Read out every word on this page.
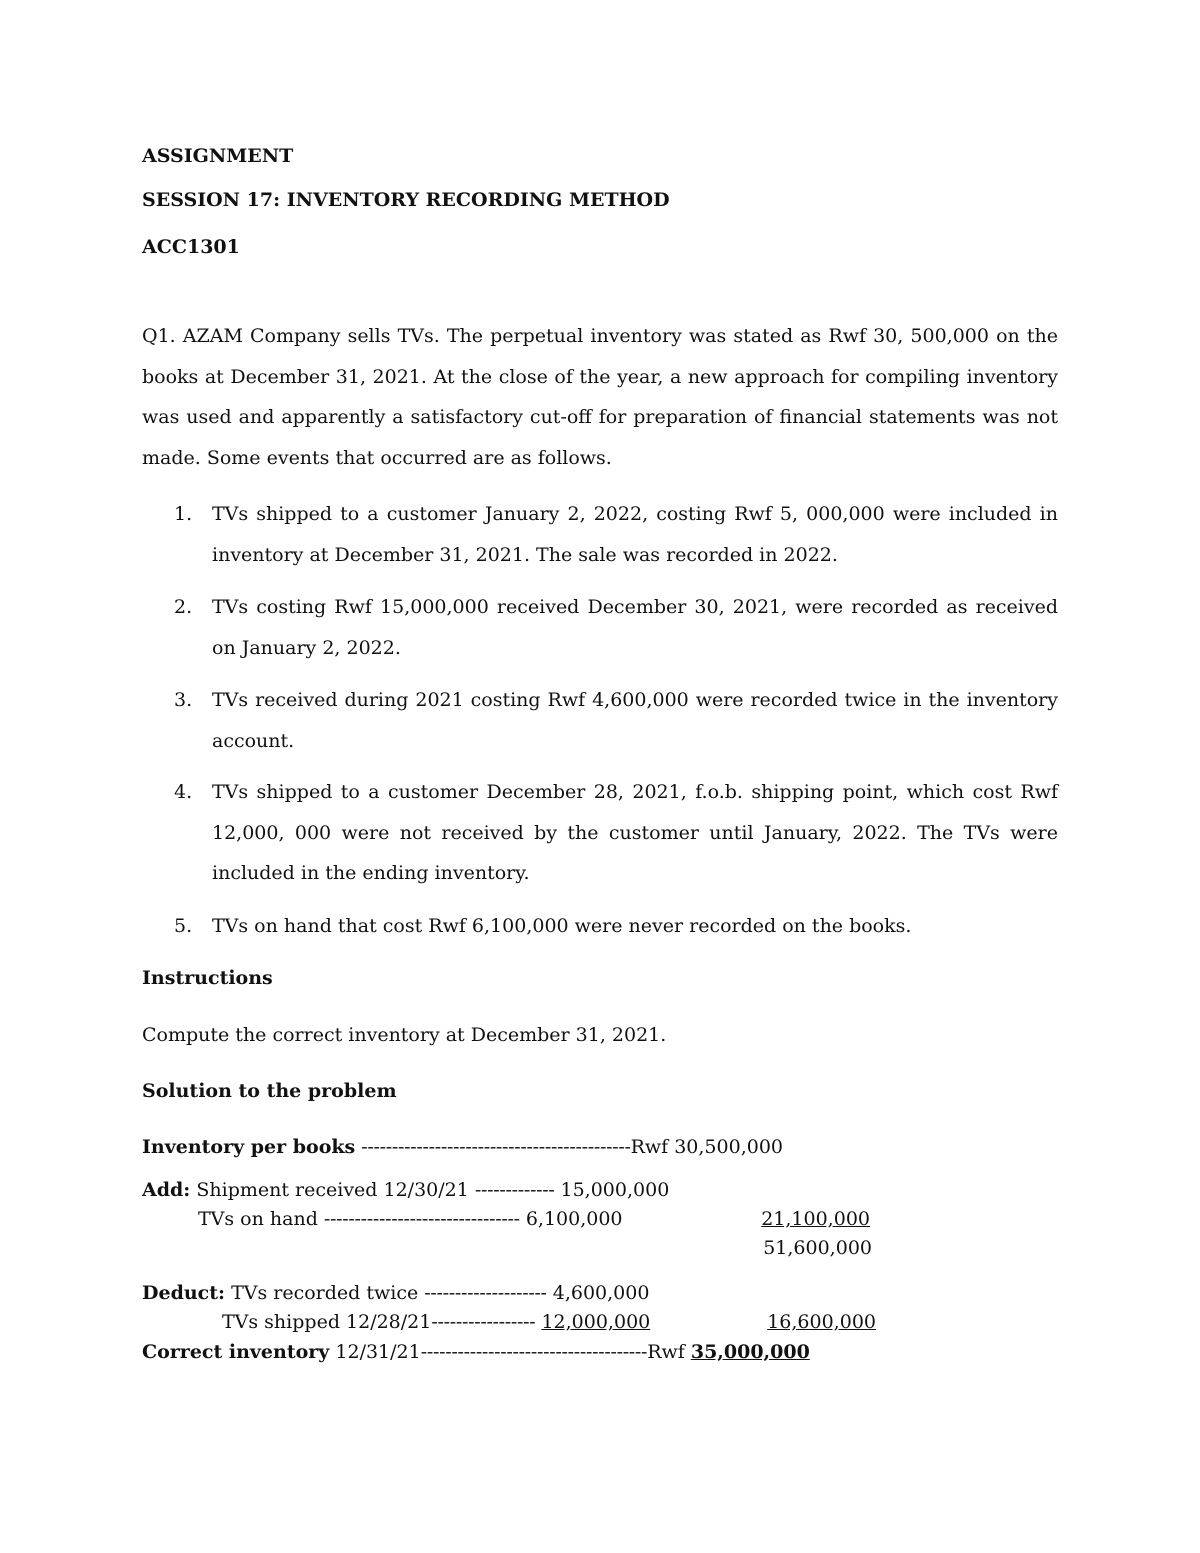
ASSIGNMENT
SESSION 17: INVENTORY RECORDING METHOD
ACC1301
Q1. AZAM Company sells TVs. The perpetual inventory was stated as Rwf 30, 500,000 on the books at December 31, 2021. At the close of the year, a new approach for compiling inventory was used and apparently a satisfactory cut-off for preparation of financial statements was not made. Some events that occurred are as follows.
1. TVs shipped to a customer January 2, 2022, costing Rwf 5, 000,000 were included in inventory at December 31, 2021. The sale was recorded in 2022.
2. TVs costing Rwf 15,000,000 received December 30, 2021, were recorded as received on January 2, 2022.
3. TVs received during 2021 costing Rwf 4,600,000 were recorded twice in the inventory account.
4. TVs shipped to a customer December 28, 2021, f.o.b. shipping point, which cost Rwf 12,000, 000 were not received by the customer until January, 2022. The TVs were included in the ending inventory.
5. TVs on hand that cost Rwf 6,100,000 were never recorded on the books.
Instructions
Compute the correct inventory at December 31, 2021.
Solution to the problem
Inventory per books --------------------------------------------Rwf 30,500,000
Add: Shipment received 12/30/21 ------------- 15,000,000
TVs on hand -------------------------------- 6,100,000	21,100,000
51,600,000
Deduct: TVs recorded twice -------------------- 4,600,000
TVs shipped 12/28/21----------------- 12,000,000	16,600,000
Correct inventory 12/31/21-------------------------------------Rwf 35,000,000
